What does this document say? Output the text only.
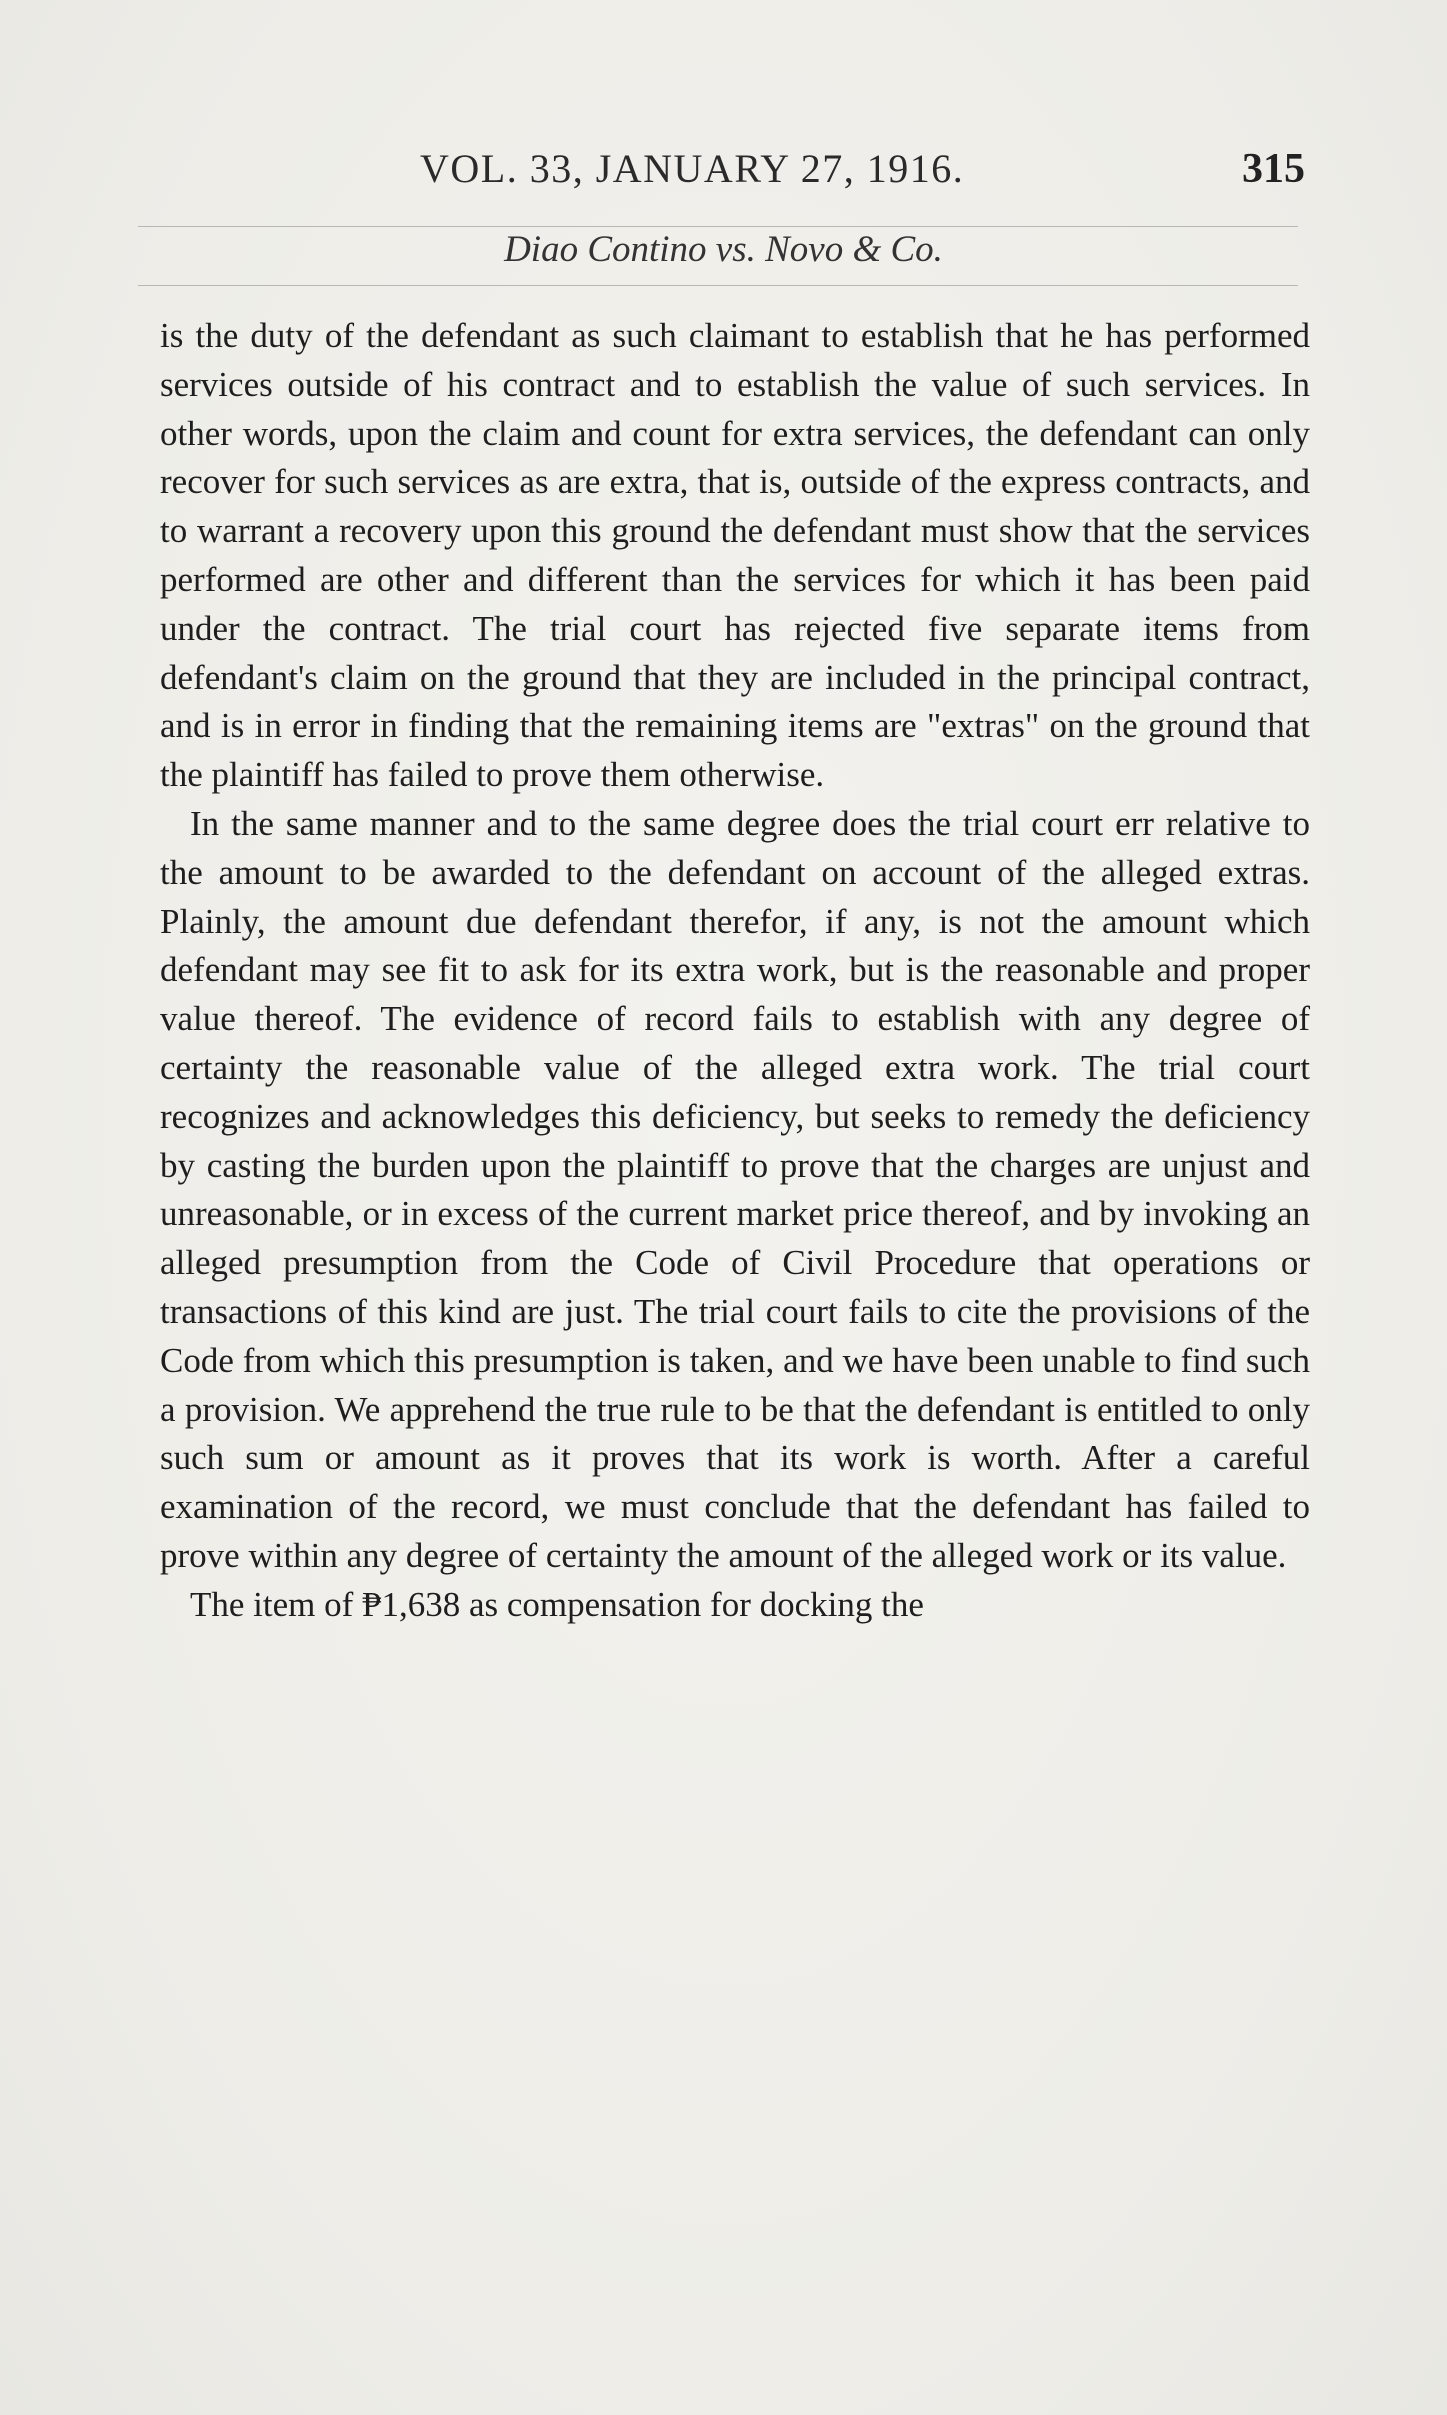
VOL. 33, JANUARY 27, 1916.	315
Diao Contino vs. Novo & Co.

is the duty of the defendant as such claimant to establish that he has performed services outside of his contract and to establish the value of such services. In other words, upon the claim and count for extra services, the defendant can only recover for such services as are extra, that is, outside of the express contracts, and to warrant a recovery upon this ground the defendant must show that the services performed are other and different than the services for which it has been paid under the contract. The trial court has rejected five separate items from defendant's claim on the ground that they are included in the principal contract, and is in error in finding that the remaining items are "extras" on the ground that the plaintiff has failed to prove them otherwise.

In the same manner and to the same degree does the trial court err relative to the amount to be awarded to the defendant on account of the alleged extras. Plainly, the amount due defendant therefor, if any, is not the amount which defendant may see fit to ask for its extra work, but is the reasonable and proper value thereof. The evidence of record fails to establish with any degree of certainty the reasonable value of the alleged extra work. The trial court recognizes and acknowledges this deficiency, but seeks to remedy the deficiency by casting the burden upon the plaintiff to prove that the charges are unjust and unreasonable, or in excess of the current market price thereof, and by invoking an alleged presumption from the Code of Civil Procedure that operations or transactions of this kind are just. The trial court fails to cite the provisions of the Code from which this presumption is taken, and we have been unable to find such a provision. We apprehend the true rule to be that the defendant is entitled to only such sum or amount as it proves that its work is worth. After a careful examination of the record, we must conclude that the defendant has failed to prove within any degree of certainty the amount of the alleged work or its value.

The item of ₱1,638 as compensation for docking the
